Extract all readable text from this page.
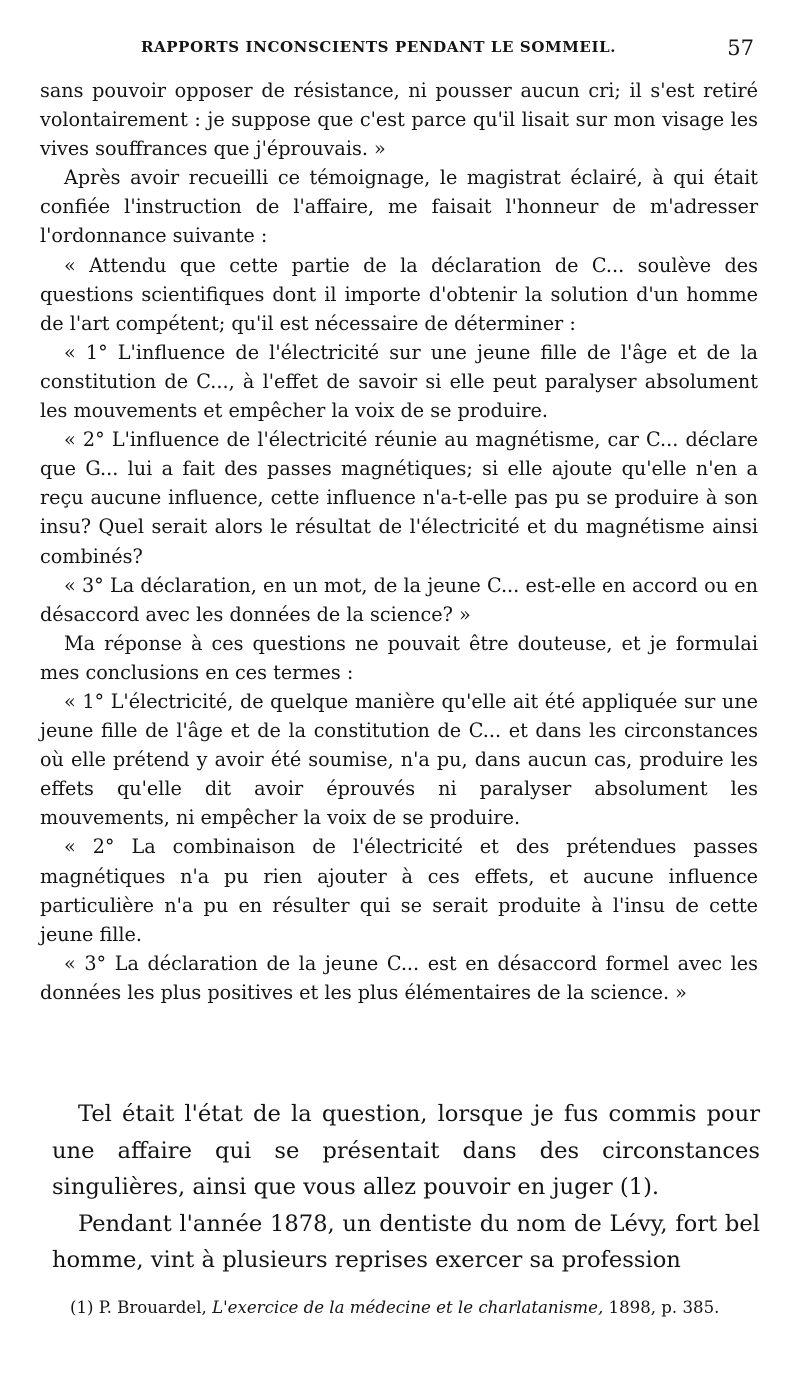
RAPPORTS INCONSCIENTS PENDANT LE SOMMEIL.	57

sans pouvoir opposer de résistance, ni pousser aucun cri; il s'est retiré volontairement : je suppose que c'est parce qu'il lisait sur mon visage les vives souffrances que j'éprouvais. »

Après avoir recueilli ce témoignage, le magistrat éclairé, à qui était confiée l'instruction de l'affaire, me faisait l'honneur de m'adresser l'ordonnance suivante :

« Attendu que cette partie de la déclaration de C... soulève des questions scientifiques dont il importe d'obtenir la solution d'un homme de l'art compétent; qu'il est nécessaire de déterminer :

« 1° L'influence de l'électricité sur une jeune fille de l'âge et de la constitution de C..., à l'effet de savoir si elle peut paralyser absolument les mouvements et empêcher la voix de se produire.

« 2° L'influence de l'électricité réunie au magnétisme, car C... déclare que G... lui a fait des passes magnétiques; si elle ajoute qu'elle n'en a reçu aucune influence, cette influence n'a-t-elle pas pu se produire à son insu? Quel serait alors le résultat de l'électricité et du magnétisme ainsi combinés?

« 3° La déclaration, en un mot, de la jeune C... est-elle en accord ou en désaccord avec les données de la science? »

Ma réponse à ces questions ne pouvait être douteuse, et je formulai mes conclusions en ces termes :

« 1° L'électricité, de quelque manière qu'elle ait été appliquée sur une jeune fille de l'âge et de la constitution de C... et dans les circonstances où elle prétend y avoir été soumise, n'a pu, dans aucun cas, produire les effets qu'elle dit avoir éprouvés ni paralyser absolument les mouvements, ni empêcher la voix de se produire.

« 2° La combinaison de l'électricité et des prétendues passes magnétiques n'a pu rien ajouter à ces effets, et aucune influence particulière n'a pu en résulter qui se serait produite à l'insu de cette jeune fille.

« 3° La déclaration de la jeune C... est en désaccord formel avec les données les plus positives et les plus élémentaires de la science. »

Tel était l'état de la question, lorsque je fus commis pour une affaire qui se présentait dans des circonstances singulières, ainsi que vous allez pouvoir en juger (1).

Pendant l'année 1878, un dentiste du nom de Lévy, fort bel homme, vint à plusieurs reprises exercer sa profession

(1) P. Brouardel, L'exercice de la médecine et le charlatanisme, 1898, p. 385.
